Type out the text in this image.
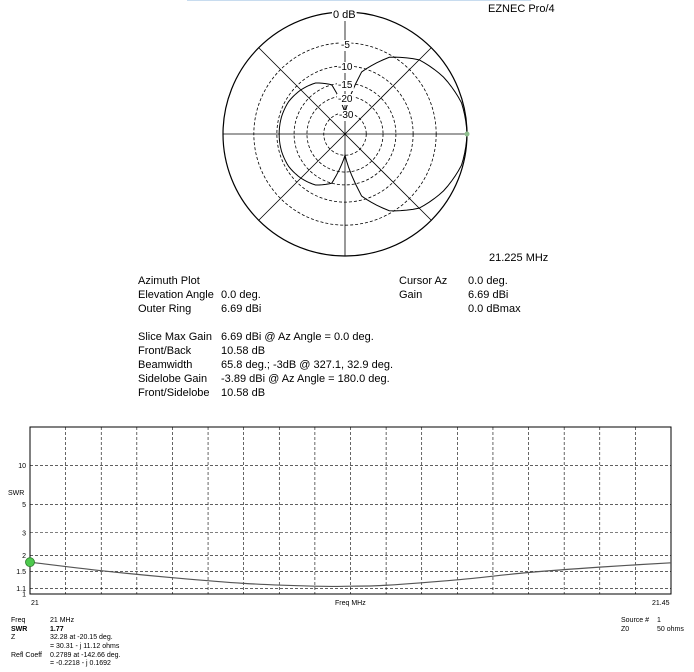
0 dB
-5
-10
-15
-20
-30
EZNEC Pro/4
21.225 MHz
Azimuth Plot
Elevation Angle 0.0 deg.
Outer Ring	6.69 dBi
Cursor Az 0.0 deg.
Gain	6.69 dBi
0.0 dBmax
Slice Max Gain 6.69 dBi @ Az Angle = 0.0 deg.
Front/Back	10.58 dB
Beamwidth	65.8 deg.; -3dB @ 327.1, 32.9 deg.
Sidelobe Gain -3.89 dBi @ Az Angle = 180.0 deg.
Front/Sidelobe 10.58 dB
10
5
3
2
1.5
1.1
1
SWR
21	Freq MHz	21.45
Freq	21 MHz
SWR	1.77
Z	32.28 at -20.15 deg.
= 30.31 - j 11.12 ohms
Refl Coeff 0.2789 at -142.66 deg.
= -0.2218 - j 0.1692
Source # 1
Z0	50 ohms
